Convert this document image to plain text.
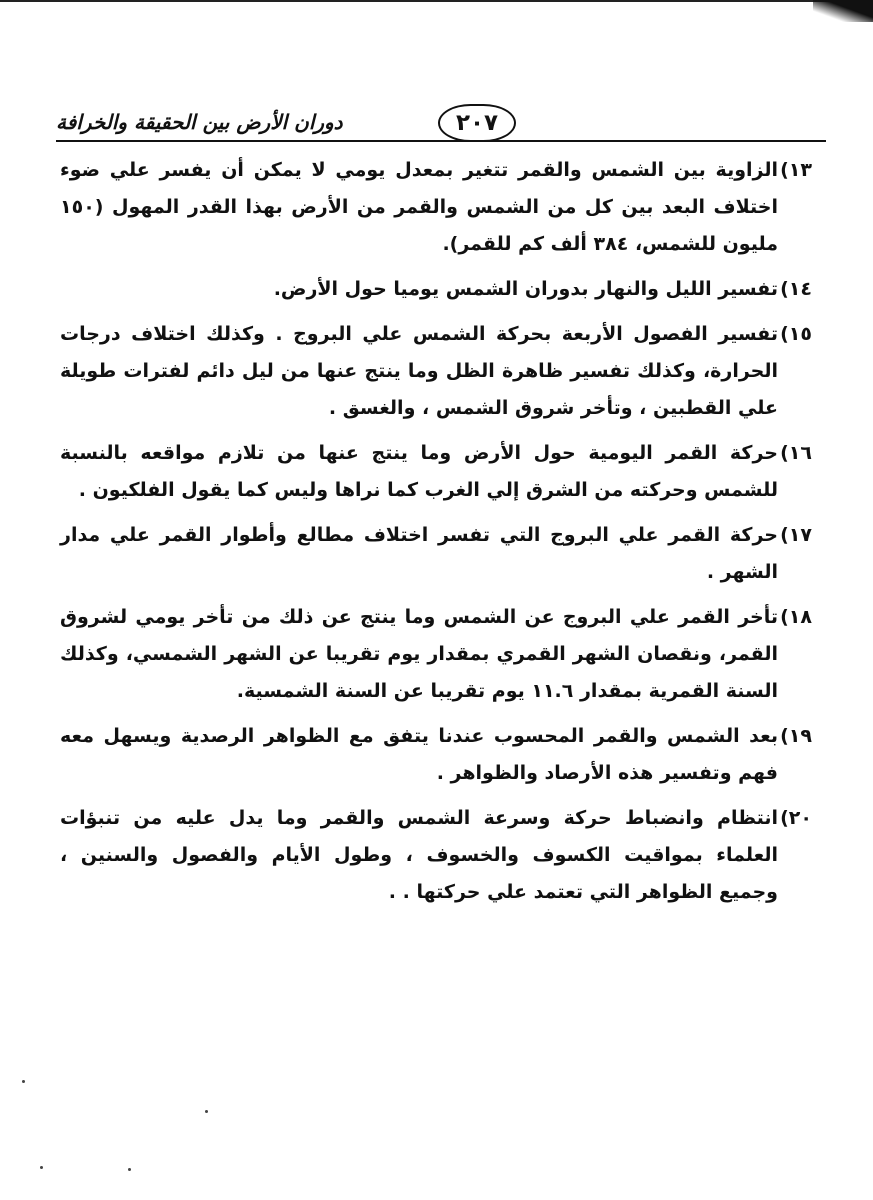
٢٠٧
دوران الأرض بين الحقيقة والخرافة
١٣)
الزاوية بين الشمس والقمر تتغير بمعدل يومي لا يمكن أن يفسر علي ضوء اختلاف البعد بين كل من الشمس والقمر من الأرض بهذا القدر المهول (١٥٠ مليون للشمس، ٣٨٤ ألف كم للقمر).
١٤)
تفسير الليل والنهار بدوران الشمس يوميا حول الأرض.
١٥)
تفسير الفصول الأربعة بحركة الشمس علي البروج . وكذلك اختلاف درجات الحرارة، وكذلك تفسير ظاهرة الظل وما ينتج عنها من ليل دائم لفترات طويلة علي القطبين ، وتأخر شروق الشمس ، والغسق .
١٦)
حركة القمر اليومية حول الأرض وما ينتج عنها من تلازم مواقعه بالنسبة للشمس وحركته من الشرق إلي الغرب كما نراها وليس كما يقول الفلكيون .
١٧)
حركة القمر علي البروج التي تفسر اختلاف مطالع وأطوار القمر علي مدار الشهر .
١٨)
تأخر القمر علي البروج عن الشمس وما ينتج عن ذلك من تأخر يومي لشروق القمر، ونقصان الشهر القمري بمقدار يوم تقريبا عن الشهر الشمسي، وكذلك السنة القمرية بمقدار ١١.٦ يوم تقريبا عن السنة الشمسية.
١٩)
بعد الشمس والقمر المحسوب عندنا يتفق مع الظواهر الرصدية ويسهل معه فهم وتفسير هذه الأرصاد والظواهر .
٢٠)
انتظام وانضباط حركة وسرعة الشمس والقمر وما يدل عليه من تنبؤات العلماء بمواقيت الكسوف والخسوف ، وطول الأيام والفصول والسنين ، وجميع الظواهر التي تعتمد علي حركتها . .
